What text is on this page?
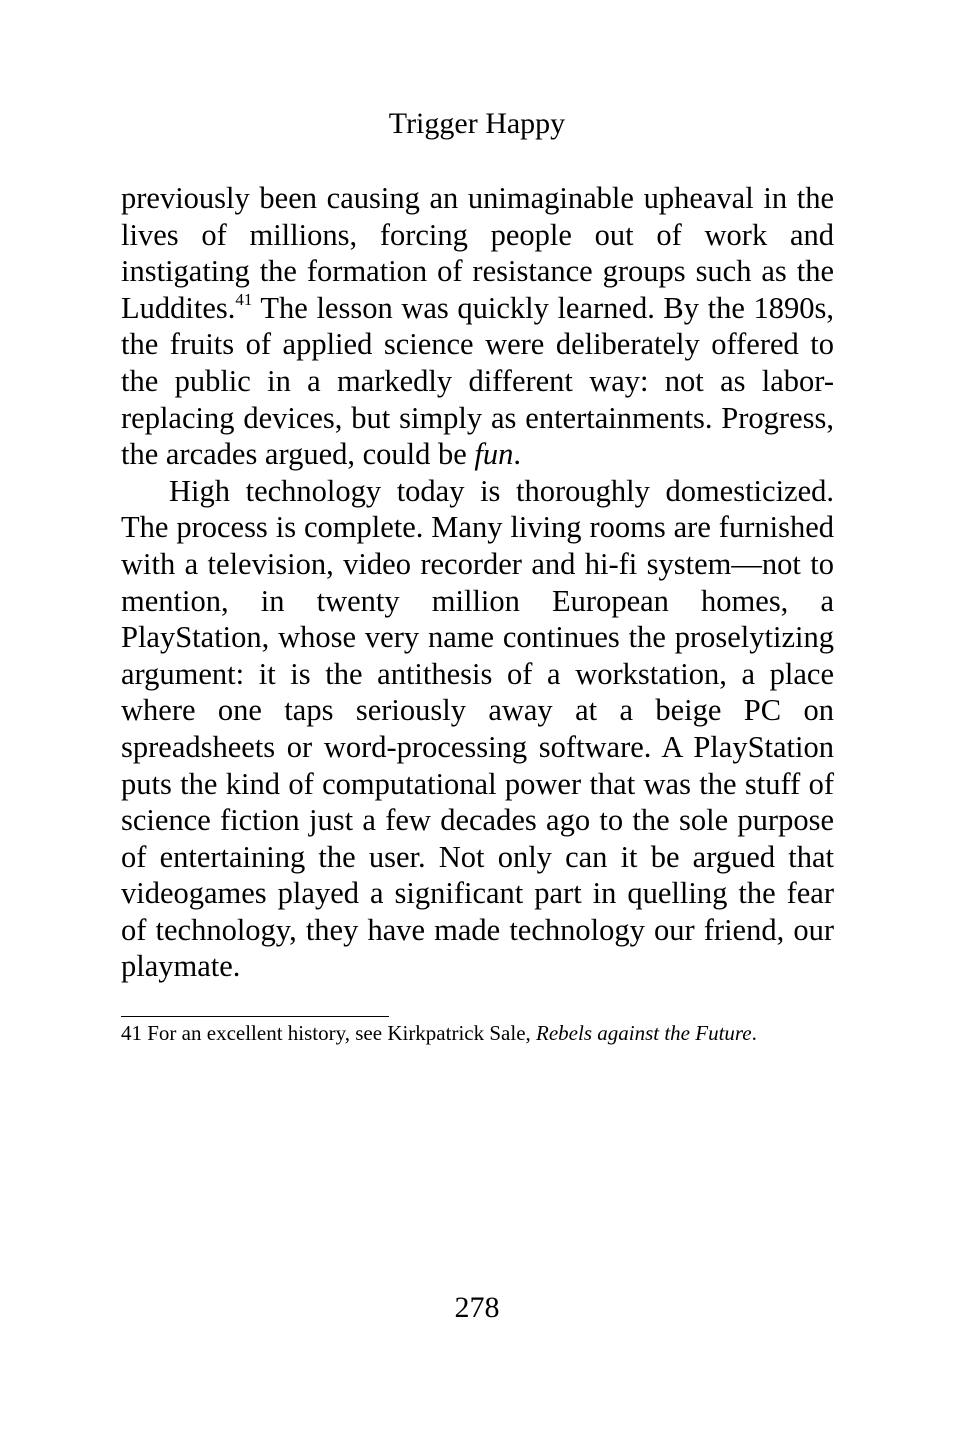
Trigger Happy

previously been causing an unimaginable upheaval in the lives of millions, forcing people out of work and instigating the formation of resistance groups such as the Luddites.$^{41}$ The lesson was quickly learned. By the 1890s, the fruits of applied science were deliberately offered to the public in a markedly different way: not as labor-replacing devices, but simply as entertainments. Progress, the arcades argued, could be fun.

High technology today is thoroughly domesticized. The process is complete. Many living rooms are furnished with a television, video recorder and hi-fi system—not to mention, in twenty million European homes, a PlayStation, whose very name continues the proselytizing argument: it is the antithesis of a workstation, a place where one taps seriously away at a beige PC on spreadsheets or word-processing software. A PlayStation puts the kind of computational power that was the stuff of science fiction just a few decades ago to the sole purpose of entertaining the user. Not only can it be argued that videogames played a significant part in quelling the fear of technology, they have made technology our friend, our playmate.

41 For an excellent history, see Kirkpatrick Sale, Rebels against the Future.
278
